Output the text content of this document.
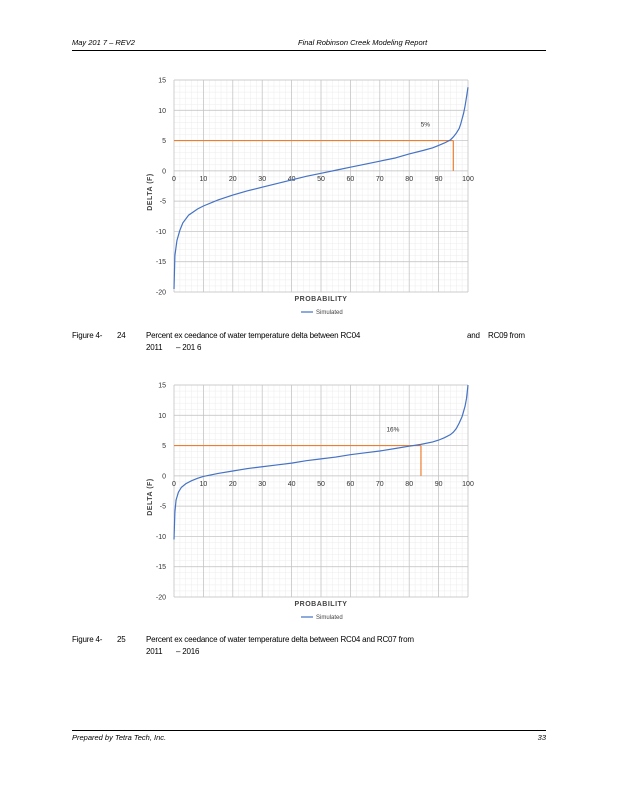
May 201 7 – REV2	Final Robinson Creek Modeling Report
15
10
5
0
-5
-10
-15
-20
0	10	20	30	40	50	60	70	80	90	100
DELTA (F)
PROBABILITY
5%
Simulated
Figure 4- 24	Percent ex ceedance of water temperature delta between RC04	and RC09 from
2011 – 201 6
15
10
5
0
-5
-10
-15
-20
0	10	20	30	40	50	60	70	80	90	100
DELTA (F)
PROBABILITY
16%
Simulated
Figure 4- 25	Percent ex ceedance of water temperature delta between RC04 and RC07 from
2011 – 2016
Prepared by Tetra Tech, Inc.	33
